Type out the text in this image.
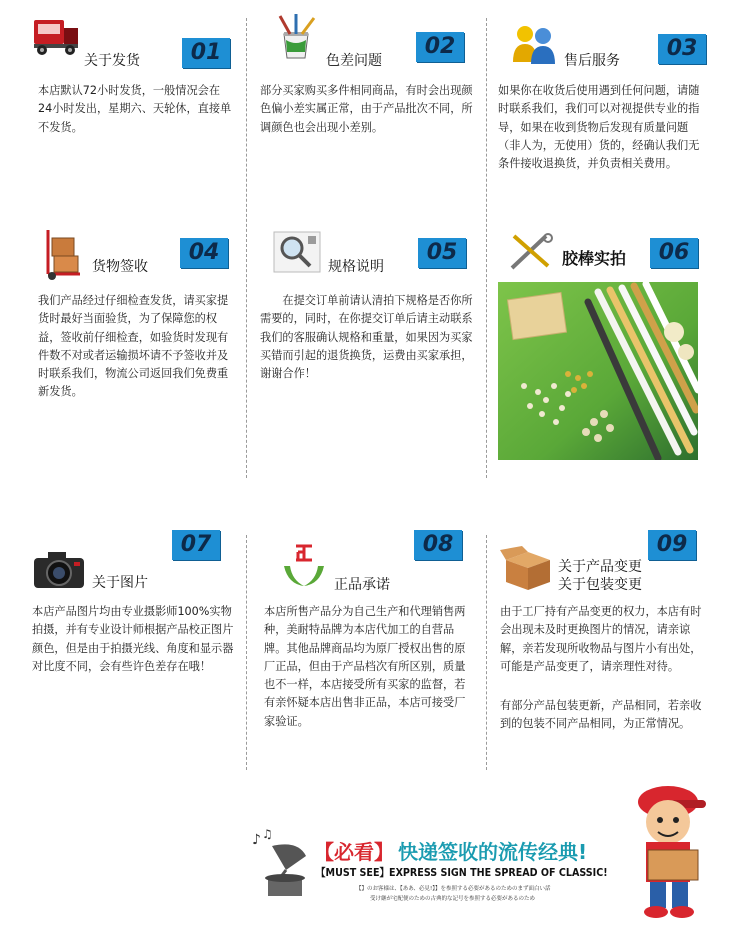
关于发货	01
本店默认72小时发货，一般情况会在24小时发出，星期六、天轮休，直接单不发货。
色差问题
02
部分买家购买多件相同商品，有时会出现颜色偏小差实属正常，由于产品批次不同，所调颜色也会出现小差别。
售后服务	03
如果你在收货后使用遇到任何问题，请随时联系我们，我们可以对视提供专业的指导，如果在收到货物后发现有质量问题（非人为，无使用）货的，经确认我们无条件接收退换货，并负责相关费用。
货物签收
04
我们产品经过仔细检查发货，请买家提货时最好当面验货，为了保障您的权益，签收前仔细检查，如验货时发现有件数不对或者运输损坏请不予签收并及时联系我们，物流公司返回我们免费重新发货。
规格说明
05
在提交订单前请认清拍下规格是否你所需要的，同时，在你提交订单后请主动联系我们的客服确认规格和重量，如果因为买家买错而引起的退货换货，运费由买家承担，谢谢合作！
胶棒实拍	06
关于图片
07
本店产品图片均由专业摄影师100%实物拍摄，并有专业设计师根据产品校正图片颜色，但是由于拍摄光线、角度和显示器对比度不同，会有些许色差存在哦！
正品承诺
08
本店所售产品分为自己生产和代理销售两种，美耐特品牌为本店代加工的自营品牌。其他品牌商品均为原厂授权出售的原厂正品，但由于产品档次有所区别，质量也不一样，本店接受所有买家的监督，若有亲怀疑本店出售非正品，本店可接受厂家验证。
关于产品变更
关于包装变更
09
由于工厂持有产品变更的权力，本店有时会出现未及时更换图片的情况，请亲谅解，亲若发现所收物品与图片小有出处，可能是产品变更了，请亲理性对待。
有部分产品包装更新，产品相同，若亲收到的包装不同产品相同，为正常情况。
♪ ♫
【必看】 快递签收的流传经典!
【MUST SEE】EXPRESS SIGN THE SPREAD OF CLASSIC!
【】のお客様は、【ああ、必見!】】を参照する必要があるのためのまず面白い話
受け継が宅配便のための古典的な記号を参照する必要があるのため
